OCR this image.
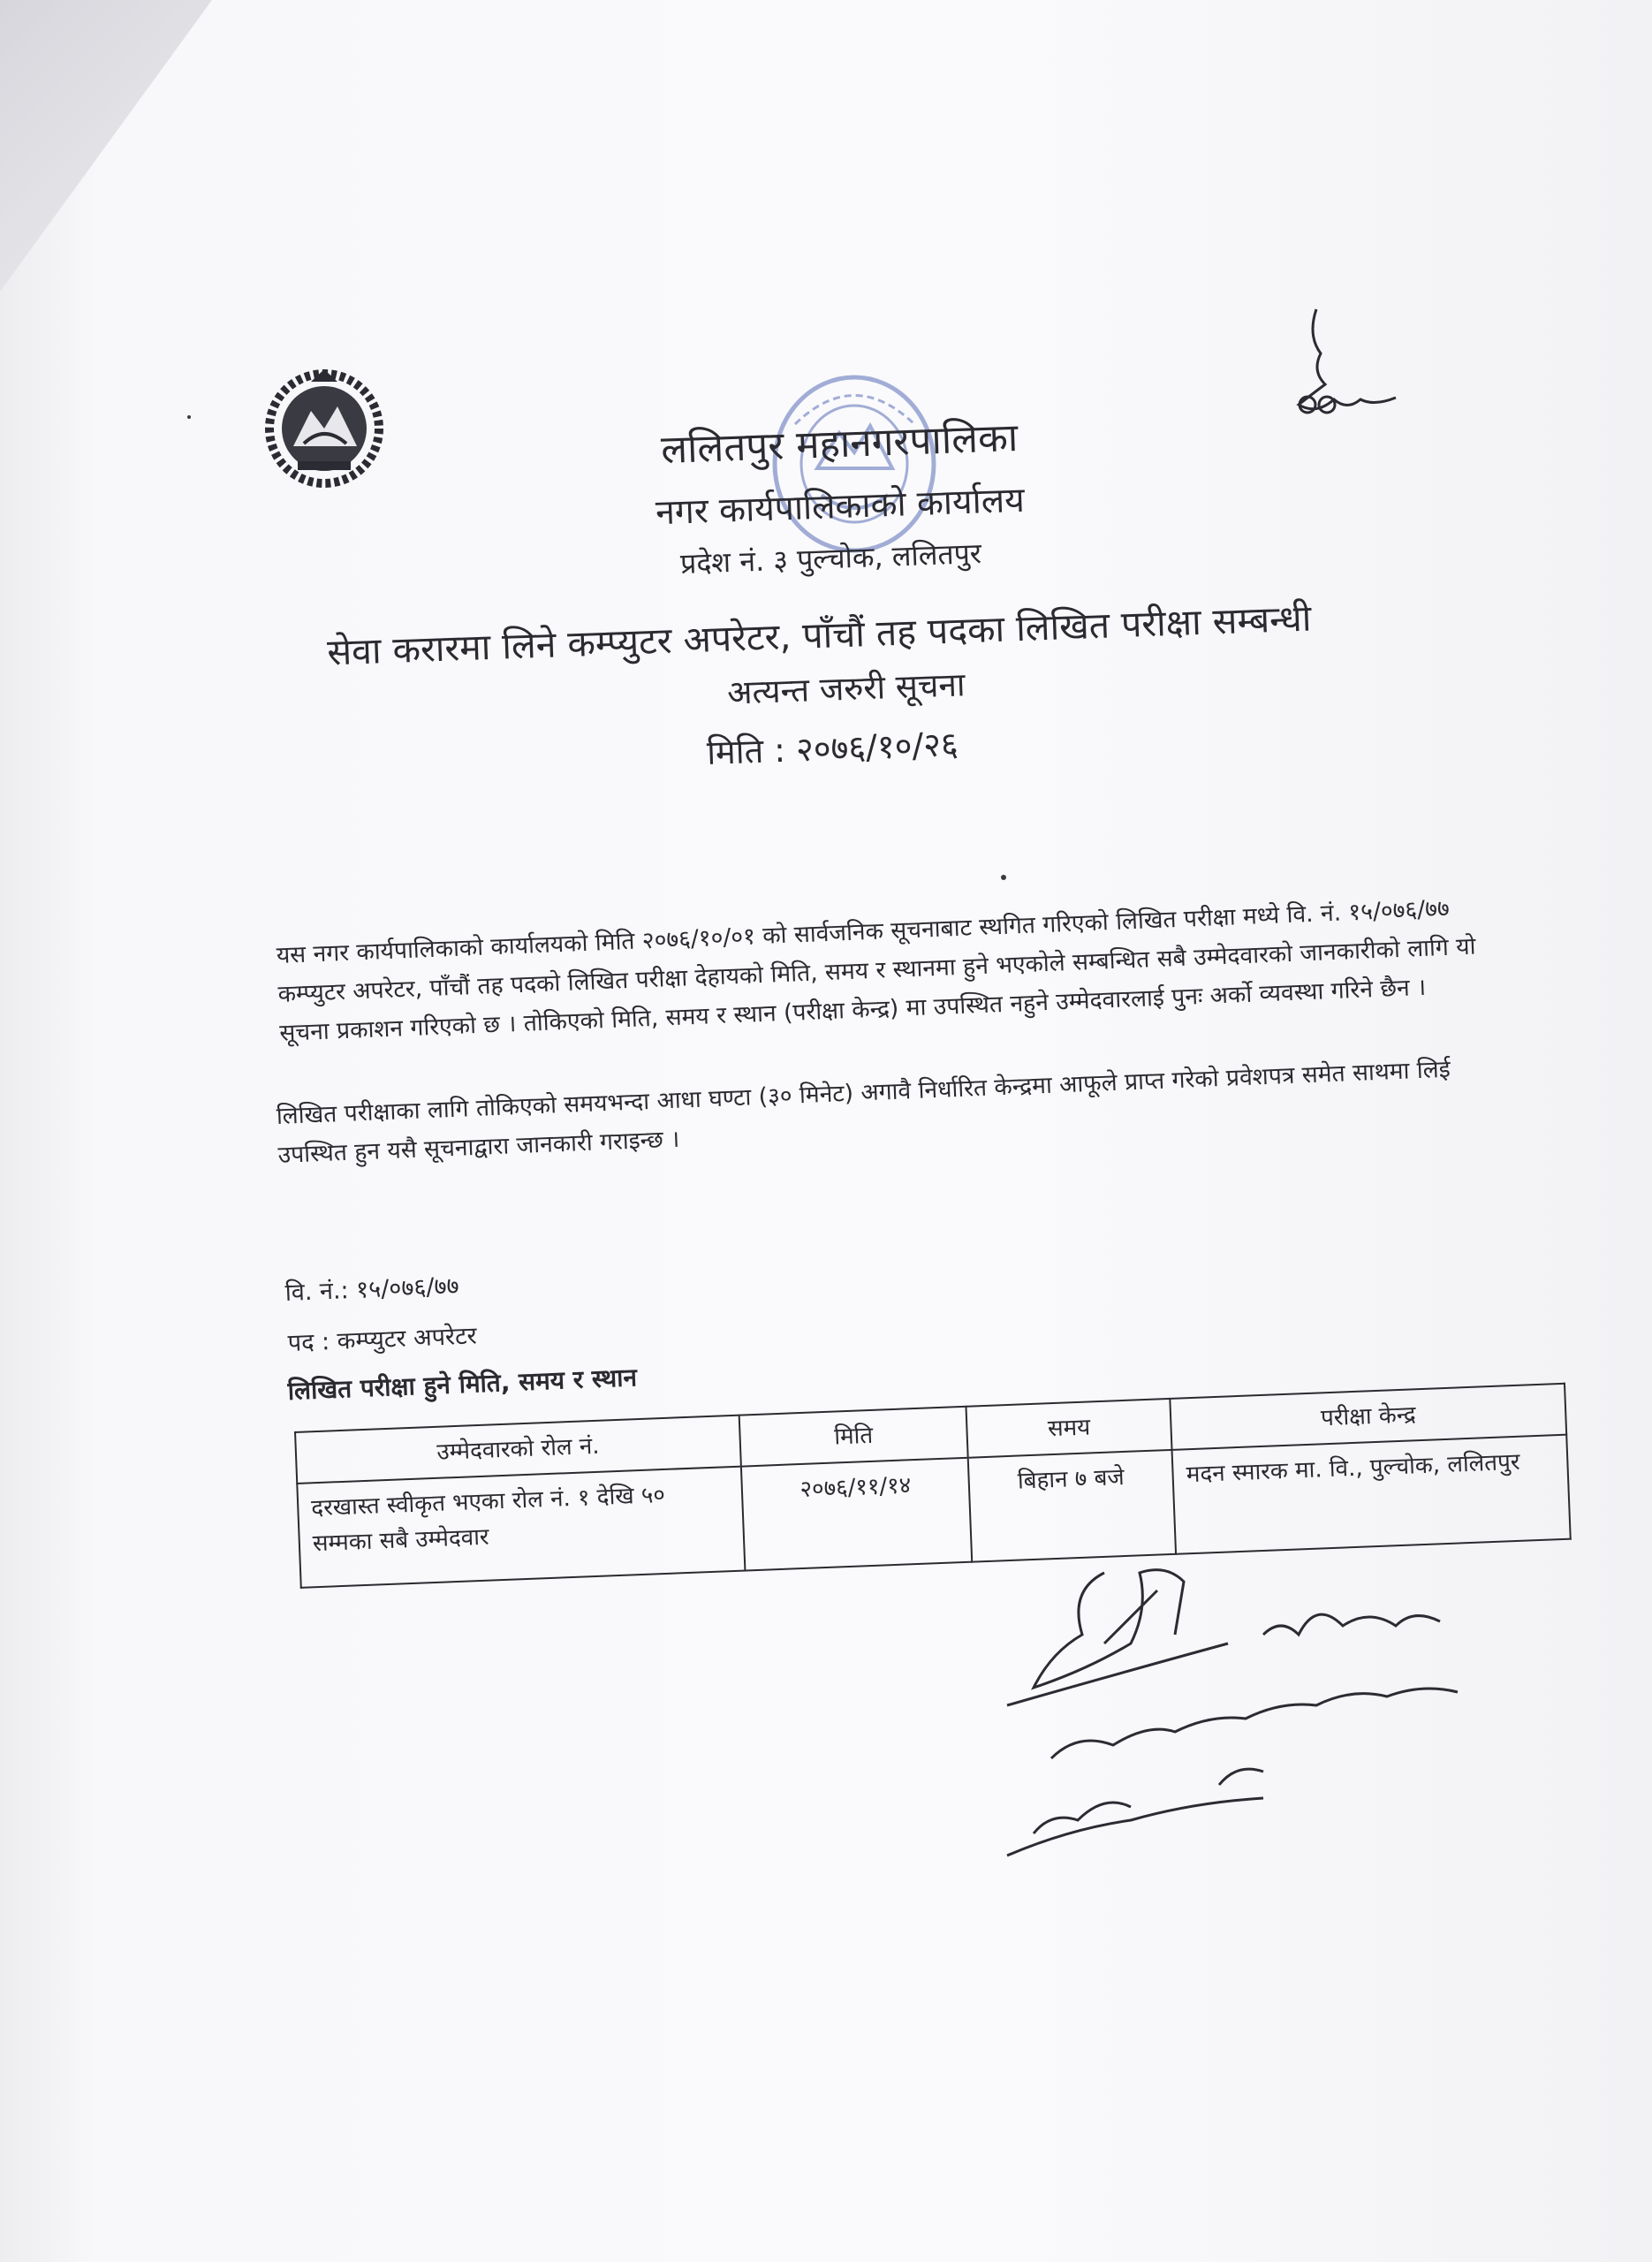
ललितपुर महानगरपालिका
नगर कार्यपालिकाको कार्यालय
प्रदेश नं. ३ पुल्चोक, ललितपुर
सेवा करारमा लिने कम्प्युटर अपरेटर, पाँचौं तह पदका लिखित परीक्षा सम्बन्धी
अत्यन्त जरुरी सूचना
मिति : २०७६/१०/२६
यस नगर कार्यपालिकाको कार्यालयको मिति २०७६/१०/०१ को सार्वजनिक सूचनाबाट स्थगित गरिएको लिखित परीक्षा मध्ये वि. नं. १५/०७६/७७ कम्प्युटर अपरेटर, पाँचौं तह पदको लिखित परीक्षा देहायको मिति, समय र स्थानमा हुने भएकोले सम्बन्धित सबै उम्मेदवारको जानकारीको लागि यो सूचना प्रकाशन गरिएको छ । तोकिएको मिति, समय र स्थान (परीक्षा केन्द्र) मा उपस्थित नहुने उम्मेदवारलाई पुनः अर्को व्यवस्था गरिने छैन ।
लिखित परीक्षाका लागि तोकिएको समयभन्दा आधा घण्टा (३० मिनेट) अगावै निर्धारित केन्द्रमा आफूले प्राप्त गरेको प्रवेशपत्र समेत साथमा लिई उपस्थित हुन यसै सूचनाद्वारा जानकारी गराइन्छ ।
वि. नं.: १५/०७६/७७
पद : कम्प्युटर अपरेटर
लिखित परीक्षा हुने मिति, समय र स्थान
उम्मेदवारको रोल नं.	मिति	समय	परीक्षा केन्द्र
दरखास्त स्वीकृत भएका रोल नं. १ देखि ५० सम्मका सबै उम्मेदवार	२०७६/११/१४	बिहान ७ बजे	मदन स्मारक मा. वि., पुल्चोक, ललितपुर
